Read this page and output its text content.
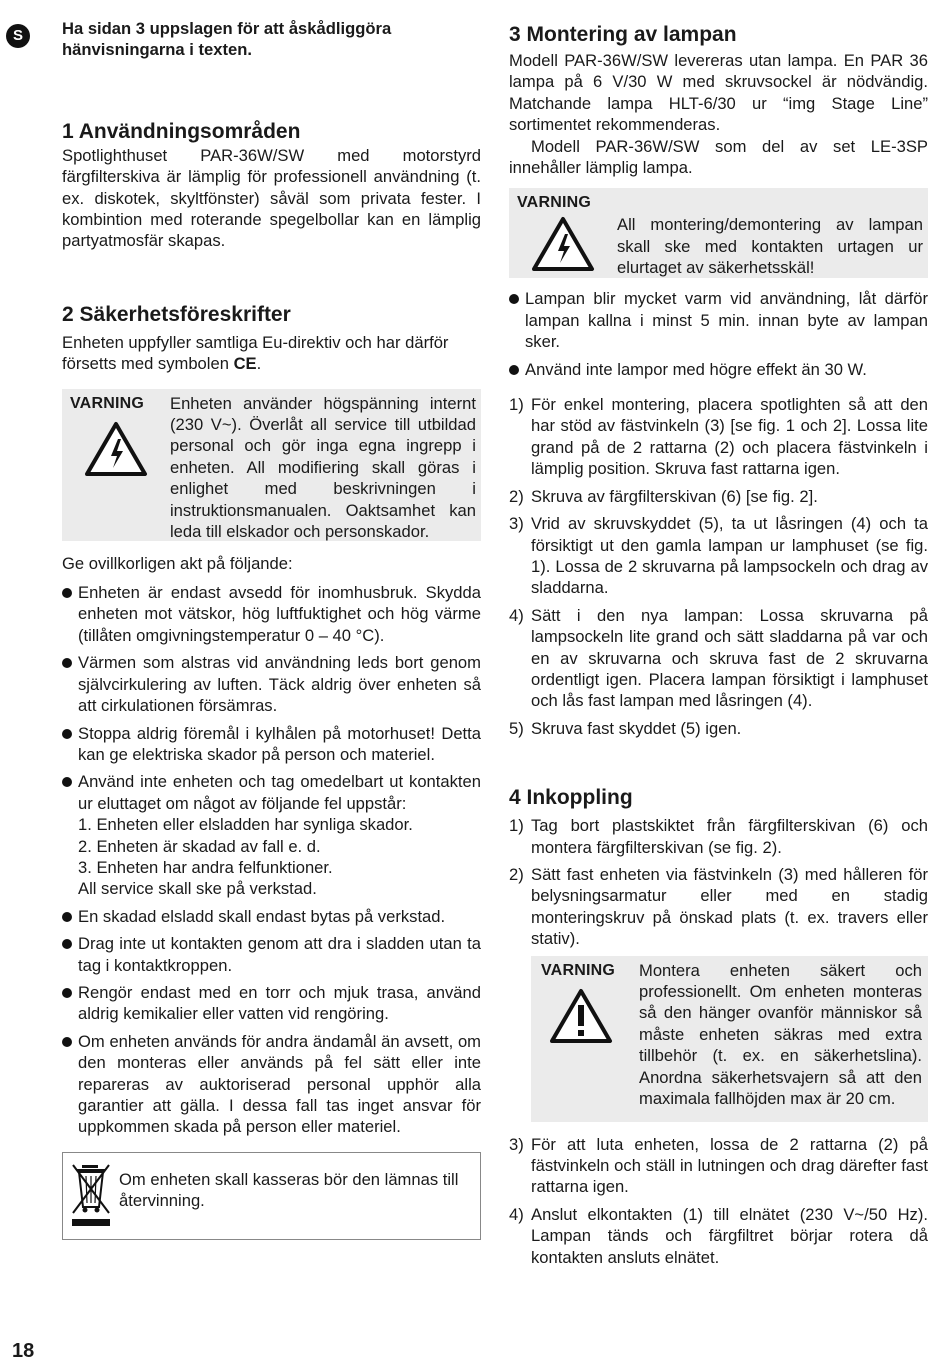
S
18

Ha sidan 3 uppslagen för att åskådliggöra hänvisningarna i texten.

1 Användningsområden

Spotlighthuset PAR-36W/SW med motorstyrd färgfilterskiva är lämplig för professionell användning (t. ex. diskotek, skyltfönster) såväl som privata fester. I kombintion med roterande spegelbollar kan en lämplig partyatmosfär skapas.

2 Säkerhetsföreskrifter

Enheten uppfyller samtliga Eu-direktiv och har därför försetts med symbolen CE.

VARNING Enheten använder högspänning internt (230 V~). Överlåt all service till utbildad personal och gör inga egna ingrepp i enheten. All modifiering skall göras i enlighet med beskrivningen i instruktionsmanualen. Oaktsamhet kan leda till elskador och personskador.

Ge ovillkorligen akt på följande:

Enheten är endast avsedd för inomhusbruk. Skydda enheten mot vätskor, hög luftfuktighet och hög värme (tillåten omgivningstemperatur 0 – 40 °C).
Värmen som alstras vid användning leds bort genom självcirkulering av luften. Täck aldrig över enheten så att cirkulationen försämras.
Stoppa aldrig föremål i kylhålen på motorhuset! Detta kan ge elektriska skador på person och materiel.
Använd inte enheten och tag omedelbart ut kontakten ur eluttaget om något av följande fel uppstår:
1. Enheten eller elsladden har synliga skador.
2. Enheten är skadad av fall e. d.
3. Enheten har andra felfunktioner.
All service skall ske på verkstad.
En skadad elsladd skall endast bytas på verkstad.
Drag inte ut kontakten genom att dra i sladden utan ta tag i kontaktkroppen.
Rengör endast med en torr och mjuk trasa, använd aldrig kemikalier eller vatten vid rengöring.
Om enheten används för andra ändamål än avsett, om den monteras eller används på fel sätt eller inte repareras av auktoriserad personal upphör alla garantier att gälla. I dessa fall tas inget ansvar för uppkommen skada på person eller materiel.

Om enheten skall kasseras bör den lämnas till återvinning.

3 Montering av lampan

Modell PAR-36W/SW levereras utan lampa. En PAR 36 lampa på 6 V/30 W med skruvsockel är nödvändig. Matchande lampa HLT-6/30 ur “img Stage Line” sortimentet rekommenderas.

Modell PAR-36W/SW som del av set LE-3SP innehåller lämplig lampa.

VARNING

All montering/demontering av lampan skall ske med kontakten urtagen ur elurtaget av säkerhetsskäl!

Lampan blir mycket varm vid användning, låt därför lampan kallna i minst 5 min. innan byte av lampan sker.
Använd inte lampor med högre effekt än 30 W.
1) För enkel montering, placera spotlighten så att den har stöd av fästvinkeln (3) [se fig. 1 och 2]. Lossa lite grand på de 2 rattarna (2) och placera fästvinkeln i lämplig position. Skruva fast rattarna igen.
2) Skruva av färgfilterskivan (6) [se fig. 2].
3) Vrid av skruvskyddet (5), ta ut låsringen (4) och ta försiktigt ut den gamla lampan ur lamphuset (se fig. 1). Lossa de 2 skruvarna på lampsockeln och drag av sladdarna.
4) Sätt i den nya lampan: Lossa skruvarna på lampsockeln lite grand och sätt sladdarna på var och en av skruvarna och skruva fast de 2 skruvarna ordentligt igen. Placera lampan försiktigt i lamphuset och lås fast lampan med låsringen (4).
5) Skruva fast skyddet (5) igen.
4 Inkoppling
1) Tag bort plastskiktet från färgfilterskivan (6) och montera färgfilterskivan (se fig. 2).
2) Sätt fast enheten via fästvinkeln (3) med hålleren för belysningsarmatur eller med en stadig monteringskruv på önskad plats (t. ex. travers eller stativ).
VARNING Montera enheten säkert och professionellt. Om enheten monteras så den hänger ovanför människor så måste enheten säkras med extra tillbehör (t. ex. en säkerhetslina). Anordna säkerhetsvajern så att den maximala fallhöjden max är 20 cm.

3) För att luta enheten, lossa de 2 rattarna (2) på fästvinkeln och ställ in lutningen och drag därefter fast rattarna igen.
4) Anslut elkontakten (1) till elnätet (230 V~/50 Hz). Lampan tänds och färgfiltret börjar rotera då kontakten ansluts elnätet.
